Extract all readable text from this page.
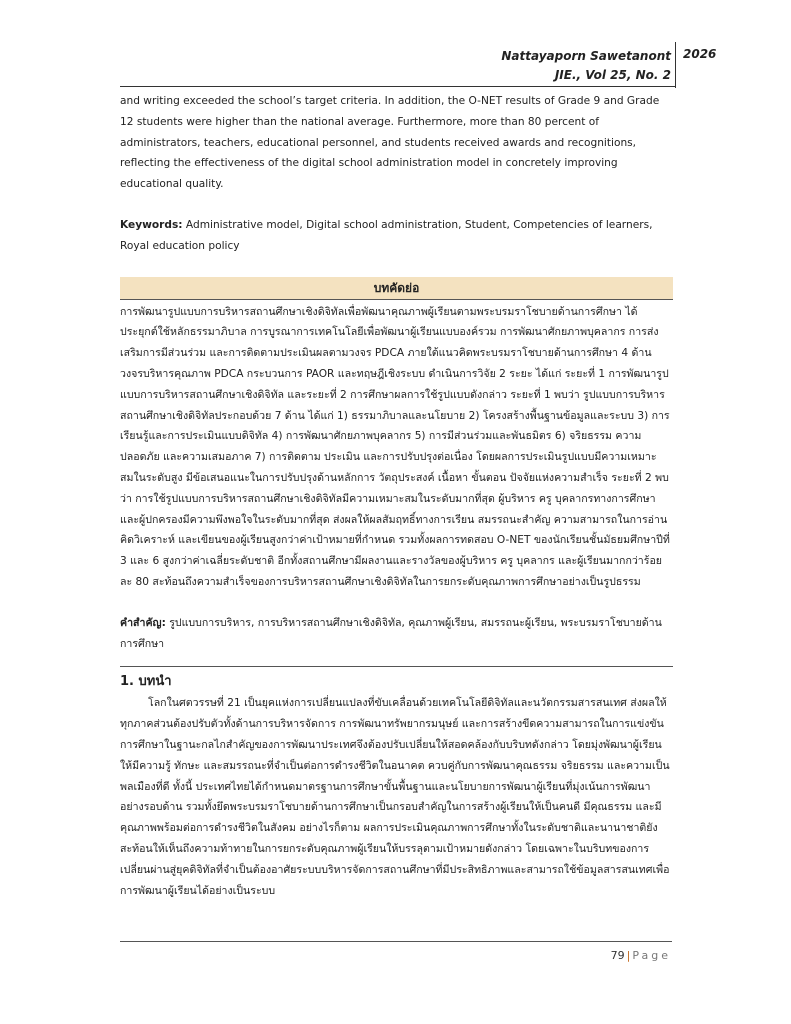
Nattayaporn Sawetanont
JIE., Vol 25, No. 2
2026

and writing exceeded the school’s target criteria. In addition, the O-NET results of Grade 9 and Grade 12 students were higher than the national average. Furthermore, more than 80 percent of administrators, teachers, educational personnel, and students received awards and recognitions, reflecting the effectiveness of the digital school administration model in concretely improving educational quality.

Keywords: Administrative model, Digital school administration, Student, Competencies of learners, Royal education policy

บทคัดย่อ

การพัฒนารูปแบบการบริหารสถานศึกษาเชิงดิจิทัลเพื่อพัฒนาคุณภาพผู้เรียนตามพระบรมราโชบายด้านการศึกษา ได้ประยุกต์ใช้หลักธรรมาภิบาล การบูรณาการเทคโนโลยีเพื่อพัฒนาผู้เรียนแบบองค์รวม การพัฒนาศักยภาพบุคลากร การส่งเสริมการมีส่วนร่วม และการติดตามประเมินผลตามวงจร PDCA ภายใต้แนวคิดพระบรมราโชบายด้านการศึกษา 4 ด้าน วงจรบริหารคุณภาพ PDCA กระบวนการ PAOR และทฤษฎีเชิงระบบ ดำเนินการวิจัย 2 ระยะ ได้แก่ ระยะที่ 1 การพัฒนารูปแบบการบริหารสถานศึกษาเชิงดิจิทัล และระยะที่ 2 การศึกษาผลการใช้รูปแบบดังกล่าว ระยะที่ 1 พบว่า รูปแบบการบริหารสถานศึกษาเชิงดิจิทัลประกอบด้วย 7 ด้าน ได้แก่ 1) ธรรมาภิบาลและนโยบาย 2) โครงสร้างพื้นฐานข้อมูลและระบบ 3) การเรียนรู้และการประเมินแบบดิจิทัล 4) การพัฒนาศักยภาพบุคลากร 5) การมีส่วนร่วมและพันธมิตร 6) จริยธรรม ความปลอดภัย และความเสมอภาค 7) การติดตาม ประเมิน และการปรับปรุงต่อเนื่อง โดยผลการประเมินรูปแบบมีความเหมาะสมในระดับสูง มีข้อเสนอแนะในการปรับปรุงด้านหลักการ วัตถุประสงค์ เนื้อหา ขั้นตอน ปัจจัยแห่งความสำเร็จ ระยะที่ 2 พบว่า การใช้รูปแบบการบริหารสถานศึกษาเชิงดิจิทัลมีความเหมาะสมในระดับมากที่สุด ผู้บริหาร ครู บุคลากรทางการศึกษา และผู้ปกครองมีความพึงพอใจในระดับมากที่สุด ส่งผลให้ผลสัมฤทธิ์ทางการเรียน สมรรถนะสำคัญ ความสามารถในการอ่าน คิดวิเคราะห์ และเขียนของผู้เรียนสูงกว่าค่าเป้าหมายที่กำหนด รวมทั้งผลการทดสอบ O-NET ของนักเรียนชั้นมัธยมศึกษาปีที่ 3 และ 6 สูงกว่าค่าเฉลี่ยระดับชาติ อีกทั้งสถานศึกษามีผลงานและรางวัลของผู้บริหาร ครู บุคลากร และผู้เรียนมากกว่าร้อยละ 80 สะท้อนถึงความสำเร็จของการบริหารสถานศึกษาเชิงดิจิทัลในการยกระดับคุณภาพการศึกษาอย่างเป็นรูปธรรม

คำสำคัญ: รูปแบบการบริหาร, การบริหารสถานศึกษาเชิงดิจิทัล, คุณภาพผู้เรียน, สมรรถนะผู้เรียน, พระบรมราโชบายด้านการศึกษา

1. บทนำ

โลกในศตวรรษที่ 21 เป็นยุคแห่งการเปลี่ยนแปลงที่ขับเคลื่อนด้วยเทคโนโลยีดิจิทัลและนวัตกรรมสารสนเทศ ส่งผลให้ทุกภาคส่วนต้องปรับตัวทั้งด้านการบริหารจัดการ การพัฒนาทรัพยากรมนุษย์ และการสร้างขีดความสามารถในการแข่งขัน การศึกษาในฐานะกลไกสำคัญของการพัฒนาประเทศจึงต้องปรับเปลี่ยนให้สอดคล้องกับบริบทดังกล่าว โดยมุ่งพัฒนาผู้เรียนให้มีความรู้ ทักษะ และสมรรถนะที่จำเป็นต่อการดำรงชีวิตในอนาคต ควบคู่กับการพัฒนาคุณธรรม จริยธรรม และความเป็นพลเมืองที่ดี ทั้งนี้ ประเทศไทยได้กำหนดมาตรฐานการศึกษาขั้นพื้นฐานและนโยบายการพัฒนาผู้เรียนที่มุ่งเน้นการพัฒนาอย่างรอบด้าน รวมทั้งยึดพระบรมราโชบายด้านการศึกษาเป็นกรอบสำคัญในการสร้างผู้เรียนให้เป็นคนดี มีคุณธรรม และมีคุณภาพพร้อมต่อการดำรงชีวิตในสังคม อย่างไรก็ตาม ผลการประเมินคุณภาพการศึกษาทั้งในระดับชาติและนานาชาติยังสะท้อนให้เห็นถึงความท้าทายในการยกระดับคุณภาพผู้เรียนให้บรรลุตามเป้าหมายดังกล่าว โดยเฉพาะในบริบทของการเปลี่ยนผ่านสู่ยุคดิจิทัลที่จำเป็นต้องอาศัยระบบบริหารจัดการสถานศึกษาที่มีประสิทธิภาพและสามารถใช้ข้อมูลสารสนเทศเพื่อการพัฒนาผู้เรียนได้อย่างเป็นระบบ

79 | Page
